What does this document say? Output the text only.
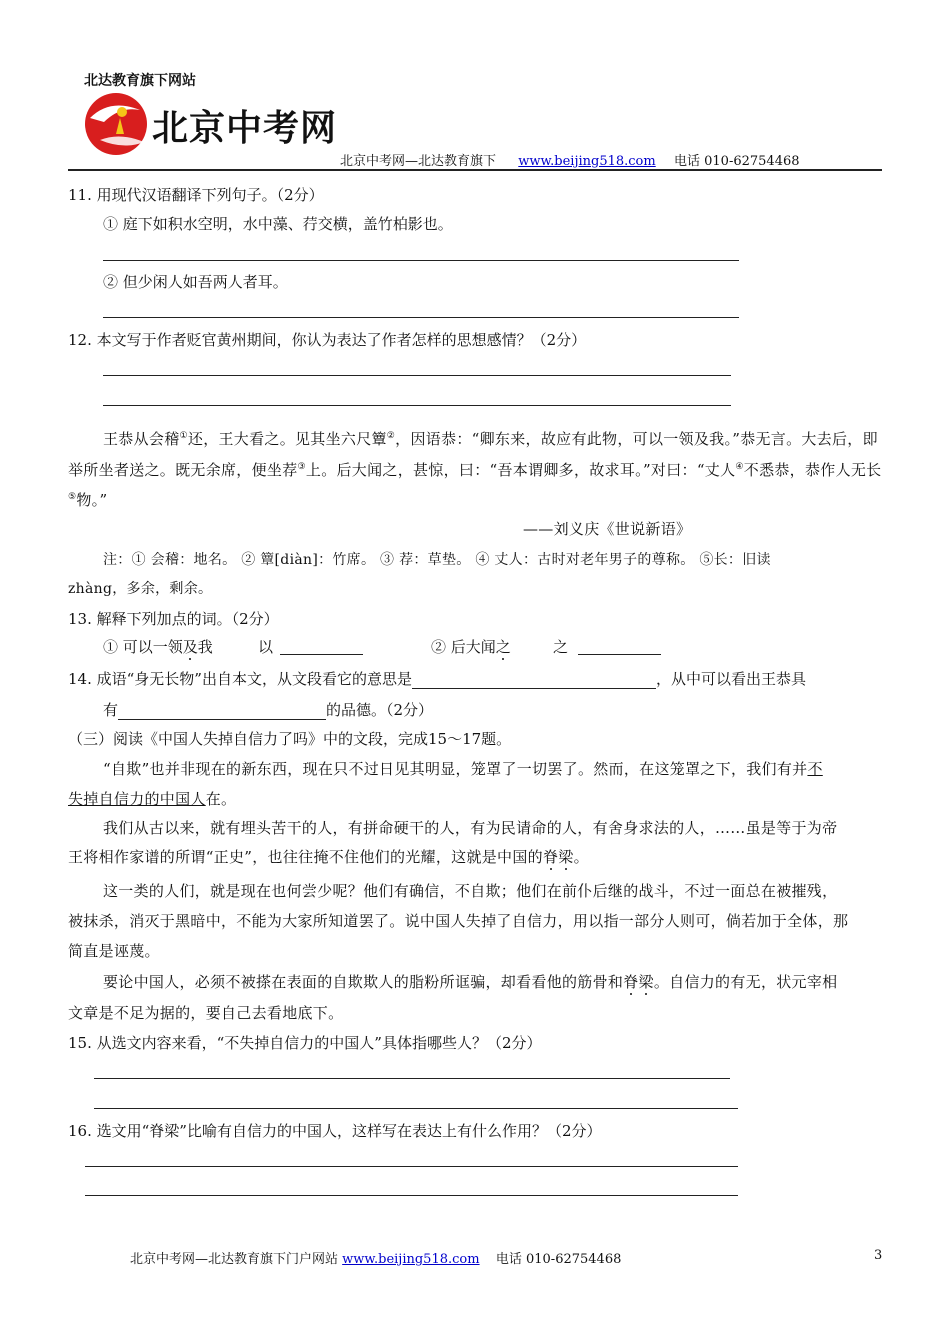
北达教育旗下网站
北京中考网
北京中考网—北达教育旗下 www.beijing518.com 电话 010-62754468
11. 用现代汉语翻译下列句子。（2分）
① 庭下如积水空明，水中藻、荇交横，盖竹柏影也。
② 但少闲人如吾两人者耳。
12. 本文写于作者贬官黄州期间，你认为表达了作者怎样的思想感情？（2分）
王恭从会稽①还，王大看之。见其坐六尺簟②，因语恭：“卿东来，故应有此物，可以一领及我。”恭无言。大去后，即
举所坐者送之。既无余席，便坐荐③上。后大闻之，甚惊，曰：“吾本谓卿多，故求耳。”对曰：“丈人④不悉恭，恭作人无长
⑤物。”
——刘义庆《世说新语》
注：① 会稽：地名。 ② 簟[diàn]：竹席。 ③ 荐：草垫。 ④ 丈人：古时对老年男子的尊称。 ⑤长：旧读
zhàng，多余，剩余。
13. 解释下列加点的词。（2分）
① 可以一领及我	以	② 后大闻之	之
14. 成语“身无长物”出自本文，从文段看它的意思是	，从中可以看出王恭具
有	的品德。（2分）
（三）阅读《中国人失掉自信力了吗》中的文段，完成15～17题。
“自欺”也并非现在的新东西，现在只不过日见其明显，笼罩了一切罢了。然而，在这笼罩之下，我们有并不
失掉自信力的中国人在。
我们从古以来，就有埋头苦干的人，有拼命硬干的人，有为民请命的人，有舍身求法的人，……虽是等于为帝
王将相作家谱的所谓“正史”，也往往掩不住他们的光耀，这就是中国的脊梁。
这一类的人们，就是现在也何尝少呢？他们有确信，不自欺；他们在前仆后继的战斗，不过一面总在被摧残，
被抹杀，消灭于黑暗中，不能为大家所知道罢了。说中国人失掉了自信力，用以指一部分人则可，倘若加于全体，那
简直是诬蔑。
要论中国人，必须不被搽在表面的自欺欺人的脂粉所诓骗，却看看他的筋骨和脊梁。自信力的有无，状元宰相
文章是不足为据的，要自己去看地底下。
15. 从选文内容来看，“不失掉自信力的中国人”具体指哪些人？（2分）
16. 选文用“脊梁”比喻有自信力的中国人，这样写在表达上有什么作用？（2分）
北京中考网—北达教育旗下门户网站 www.beijing518.com 电话 010-62754468	3
